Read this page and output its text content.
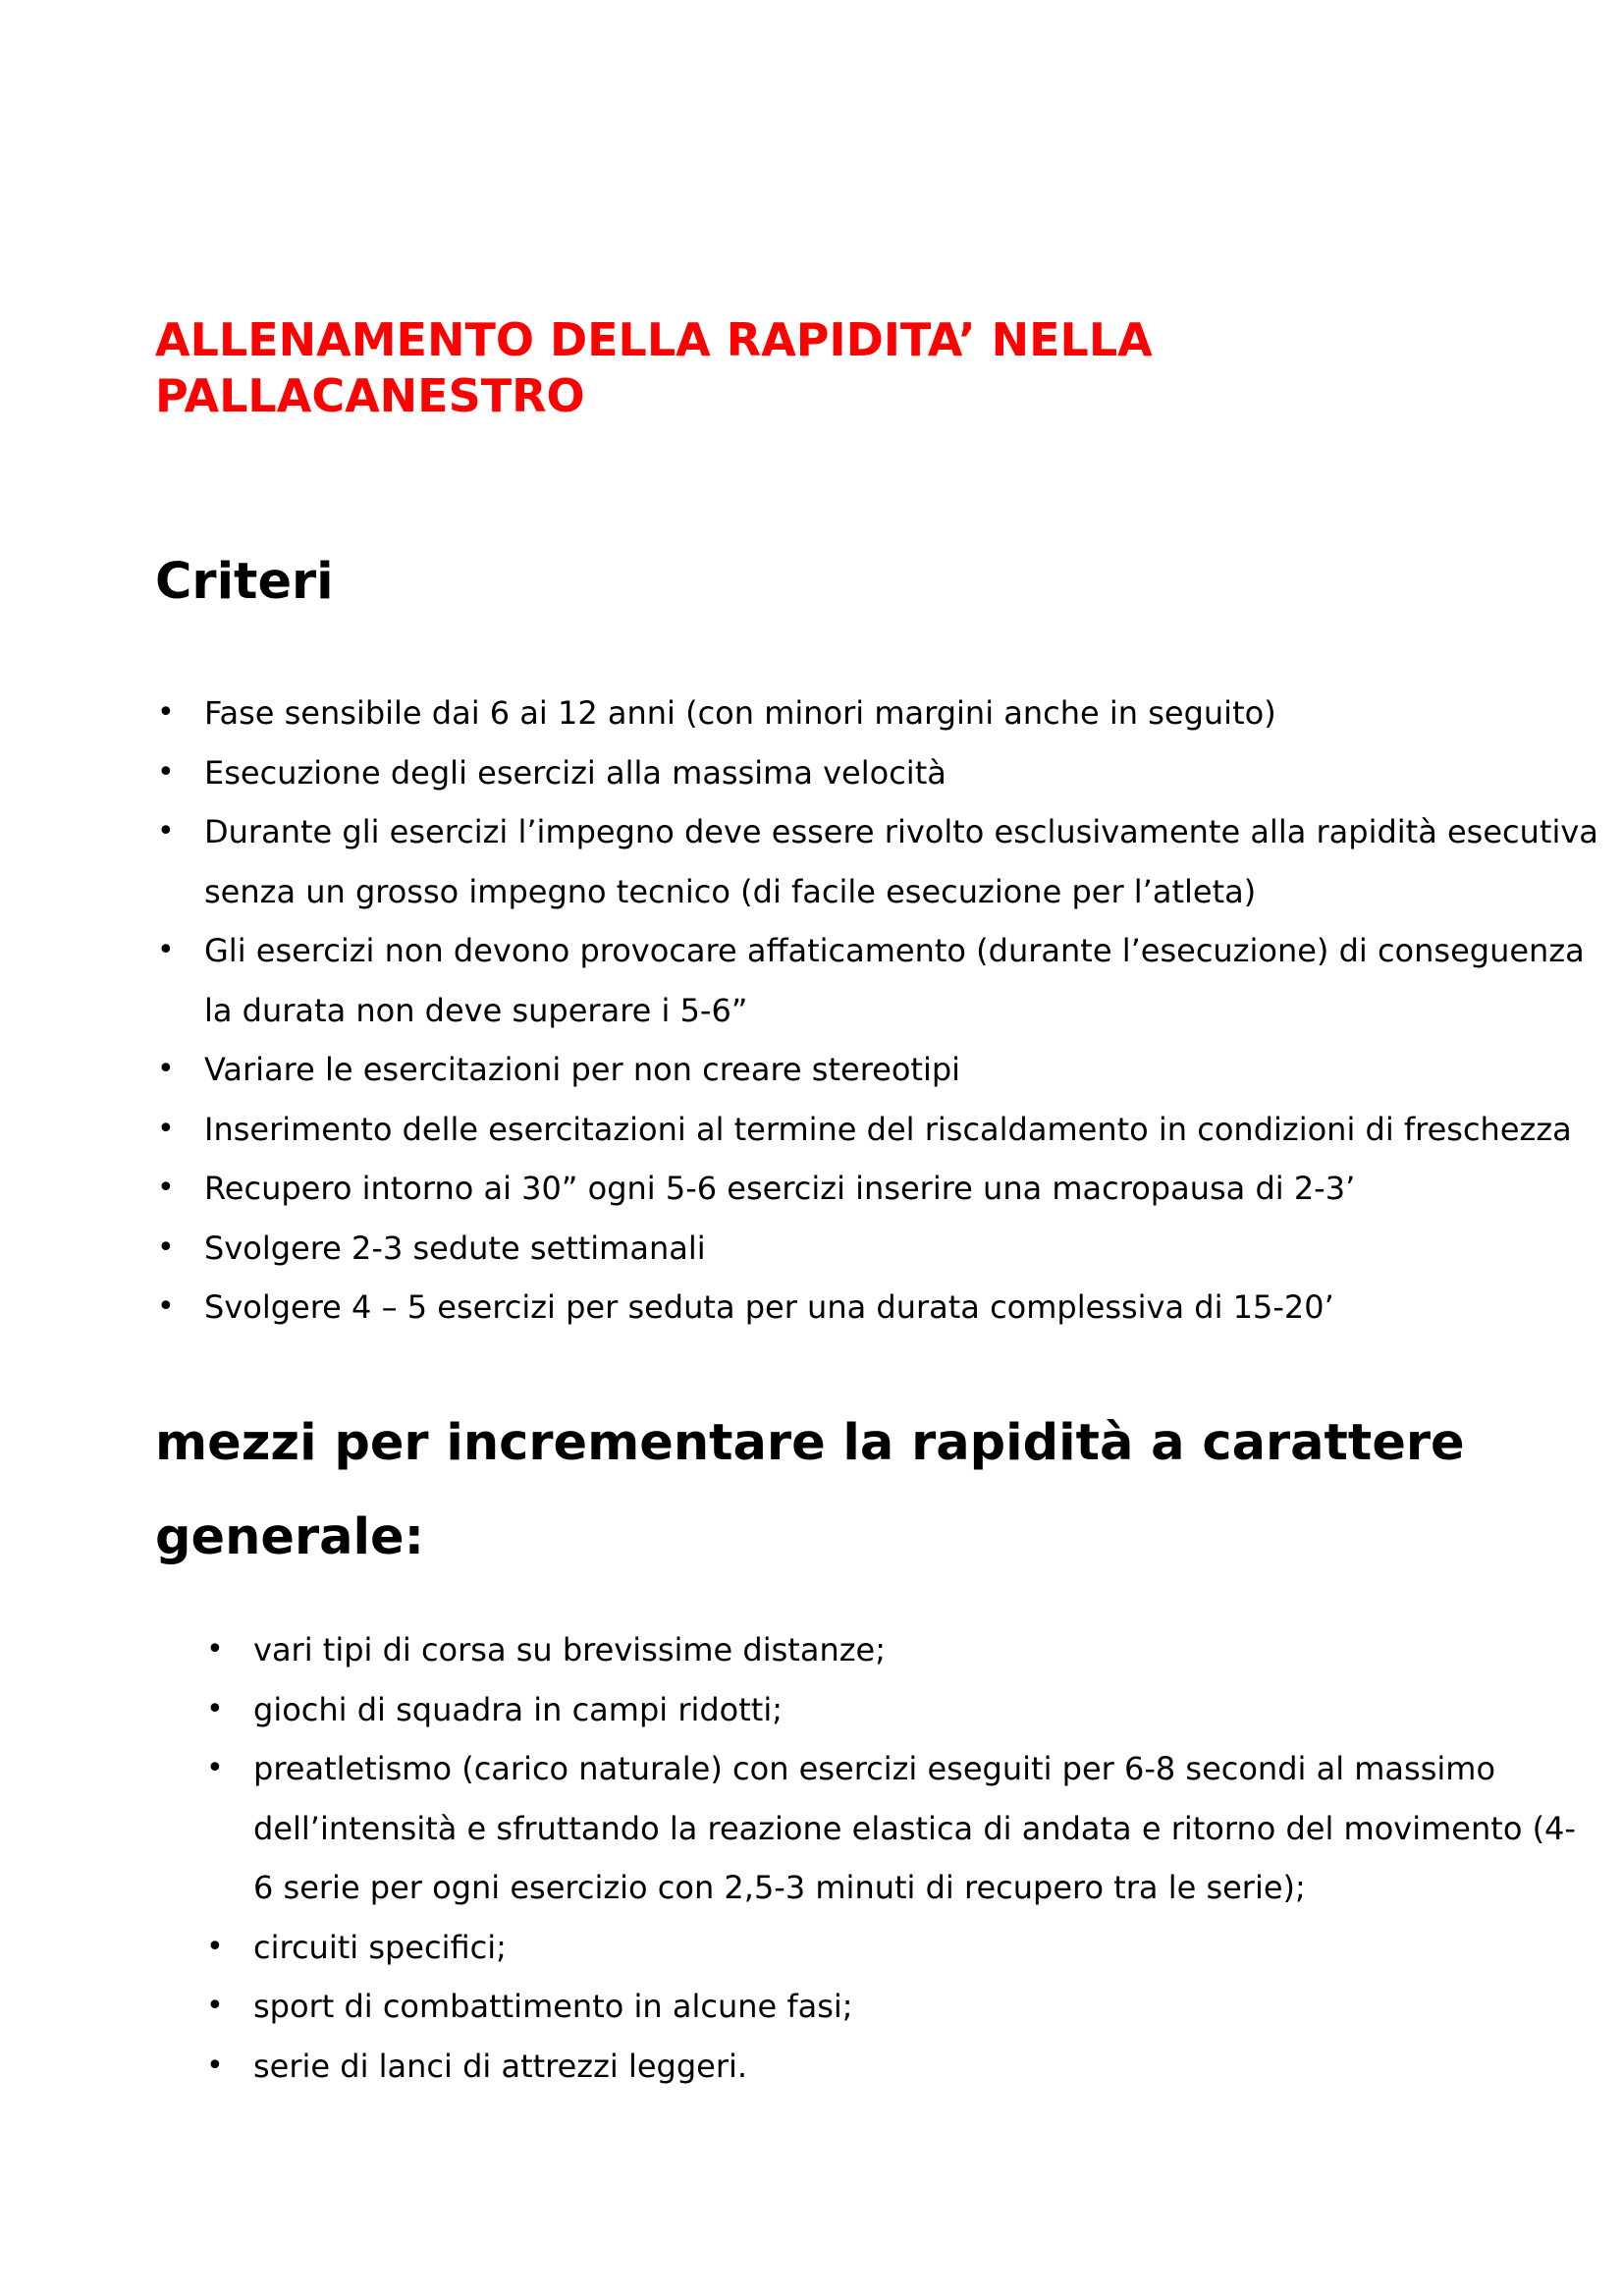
ALLENAMENTO DELLA RAPIDITA’ NELLA
PALLACANESTRO
Criteri
• Fase sensibile dai 6 ai 12 anni (con minori margini anche in seguito)
• Esecuzione degli esercizi alla massima velocità
• Durante gli esercizi l’impegno deve essere rivolto esclusivamente alla rapidità esecutiva
senza un grosso impegno tecnico (di facile esecuzione per l’atleta)
• Gli esercizi non devono provocare affaticamento (durante l’esecuzione) di conseguenza
la durata non deve superare i 5-6”
• Variare le esercitazioni per non creare stereotipi
• Inserimento delle esercitazioni al termine del riscaldamento in condizioni di freschezza
• Recupero intorno ai 30” ogni 5-6 esercizi inserire una macropausa di 2-3’
• Svolgere 2-3 sedute settimanali
• Svolgere 4 – 5 esercizi per seduta per una durata complessiva di 15-20’
mezzi per incrementare la rapidità a carattere
generale:
• vari tipi di corsa su brevissime distanze;
• giochi di squadra in campi ridotti;
• preatletismo (carico naturale) con esercizi eseguiti per 6-8 secondi al massimo
dell’intensità e sfruttando la reazione elastica di andata e ritorno del movimento (4-
6 serie per ogni esercizio con 2,5-3 minuti di recupero tra le serie);
• circuiti specifici;
• sport di combattimento in alcune fasi;
• serie di lanci di attrezzi leggeri.
